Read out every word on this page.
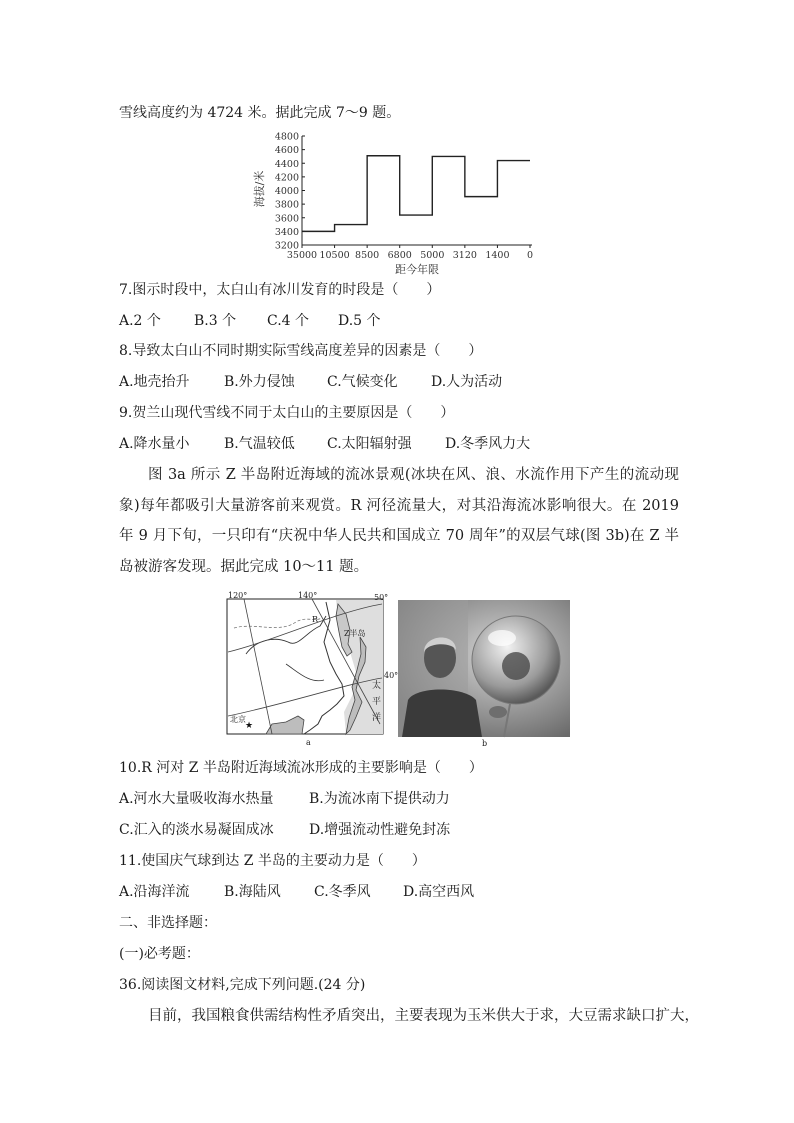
雪线高度约为 4724 米。据此完成 7～9 题。
3200
3400
3600
3800
4000
4200
4400
4600
4800
35000 10500 8500 6800 5000 3120 1400 0
海拔/米
距今年限
7.图示时段中，太白山有冰川发育的时段是（　　）
A.2 个 B.3 个 C.4 个 D.5 个
8.导致太白山不同时期实际雪线高度差异的因素是（　　）
A.地壳抬升 B.外力侵蚀 C.气候变化 D.人为活动
9.贺兰山现代雪线不同于太白山的主要原因是（　　）
A.降水量小 B.气温较低 C.太阳辐射强 D.冬季风力大
图 3a 所示 Z 半岛附近海域的流冰景观(冰块在风、浪、水流作用下产生的流动现象)每年都吸引大量游客前来观赏。R 河径流量大，对其沿海流冰影响很大。在 2019 年 9 月下旬，一只印有“庆祝中华人民共和国成立 70 周年”的双层气球(图 3b)在 Z 半岛被游客发现。据此完成 10～11 题。
120°	140°	50°
40°
R
Z半岛
太
平
洋
北京
★
a	b
10.R 河对 Z 半岛附近海域流冰形成的主要影响是（　　）
A.河水大量吸收海水热量	B.为流冰南下提供动力
C.汇入的淡水易凝固成冰	D.增强流动性避免封冻
11.使国庆气球到达 Z 半岛的主要动力是（　　）
A.沿海洋流 B.海陆风 C.冬季风 D.高空西风
二、非选择题：
(一)必考题：
36.阅读图文材料,完成下列问题.(24 分)
目前，我国粮食供需结构性矛盾突出，主要表现为玉米供大于求，大豆需求缺口扩大，
